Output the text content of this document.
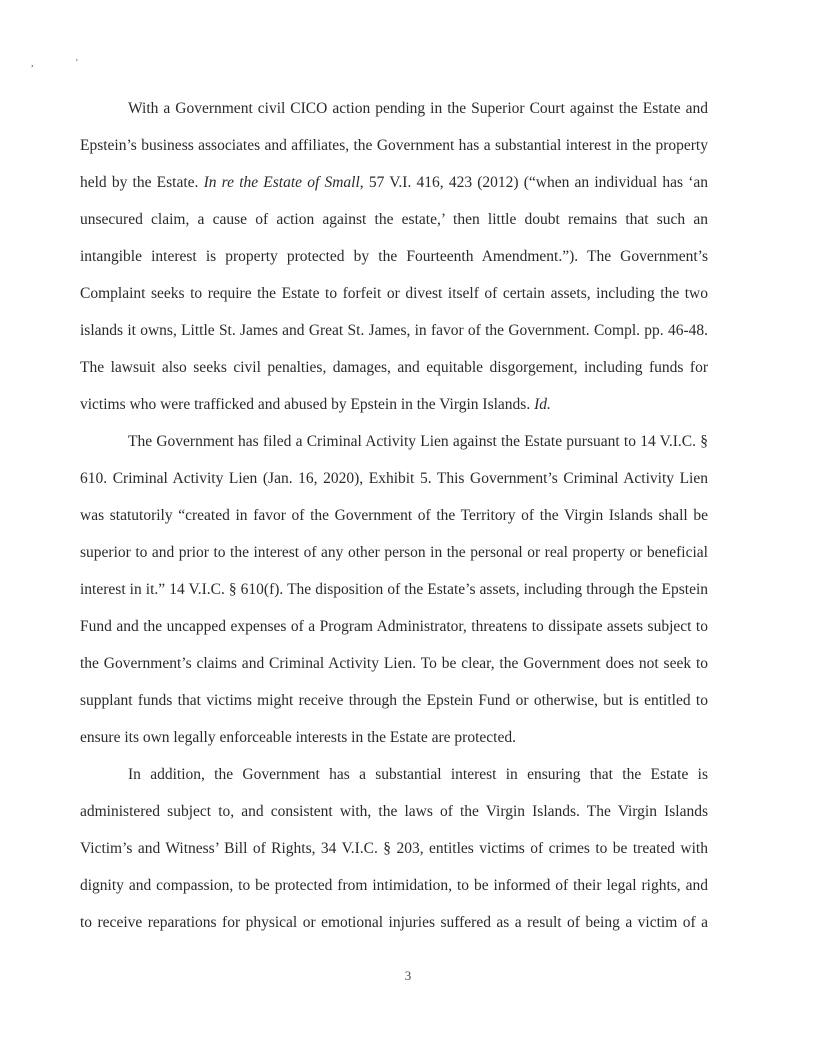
,	'

With a Government civil CICO action pending in the Superior Court against the Estate and Epstein’s business associates and affiliates, the Government has a substantial interest in the property held by the Estate. In re the Estate of Small, 57 V.I. 416, 423 (2012) (“when an individual has ‘an unsecured claim, a cause of action against the estate,’ then little doubt remains that such an intangible interest is property protected by the Fourteenth Amendment.”). The Government’s Complaint seeks to require the Estate to forfeit or divest itself of certain assets, including the two islands it owns, Little St. James and Great St. James, in favor of the Government. Compl. pp. 46-48. The lawsuit also seeks civil penalties, damages, and equitable disgorgement, including funds for victims who were trafficked and abused by Epstein in the Virgin Islands. Id.

The Government has filed a Criminal Activity Lien against the Estate pursuant to 14 V.I.C. § 610. Criminal Activity Lien (Jan. 16, 2020), Exhibit 5. This Government’s Criminal Activity Lien was statutorily “created in favor of the Government of the Territory of the Virgin Islands shall be superior to and prior to the interest of any other person in the personal or real property or beneficial interest in it.” 14 V.I.C. § 610(f). The disposition of the Estate’s assets, including through the Epstein Fund and the uncapped expenses of a Program Administrator, threatens to dissipate assets subject to the Government’s claims and Criminal Activity Lien. To be clear, the Government does not seek to supplant funds that victims might receive through the Epstein Fund or otherwise, but is entitled to ensure its own legally enforceable interests in the Estate are protected.

In addition, the Government has a substantial interest in ensuring that the Estate is administered subject to, and consistent with, the laws of the Virgin Islands. The Virgin Islands Victim’s and Witness’ Bill of Rights, 34 V.I.C. § 203, entitles victims of crimes to be treated with dignity and compassion, to be protected from intimidation, to be informed of their legal rights, and to receive reparations for physical or emotional injuries suffered as a result of being a victim of a

3
